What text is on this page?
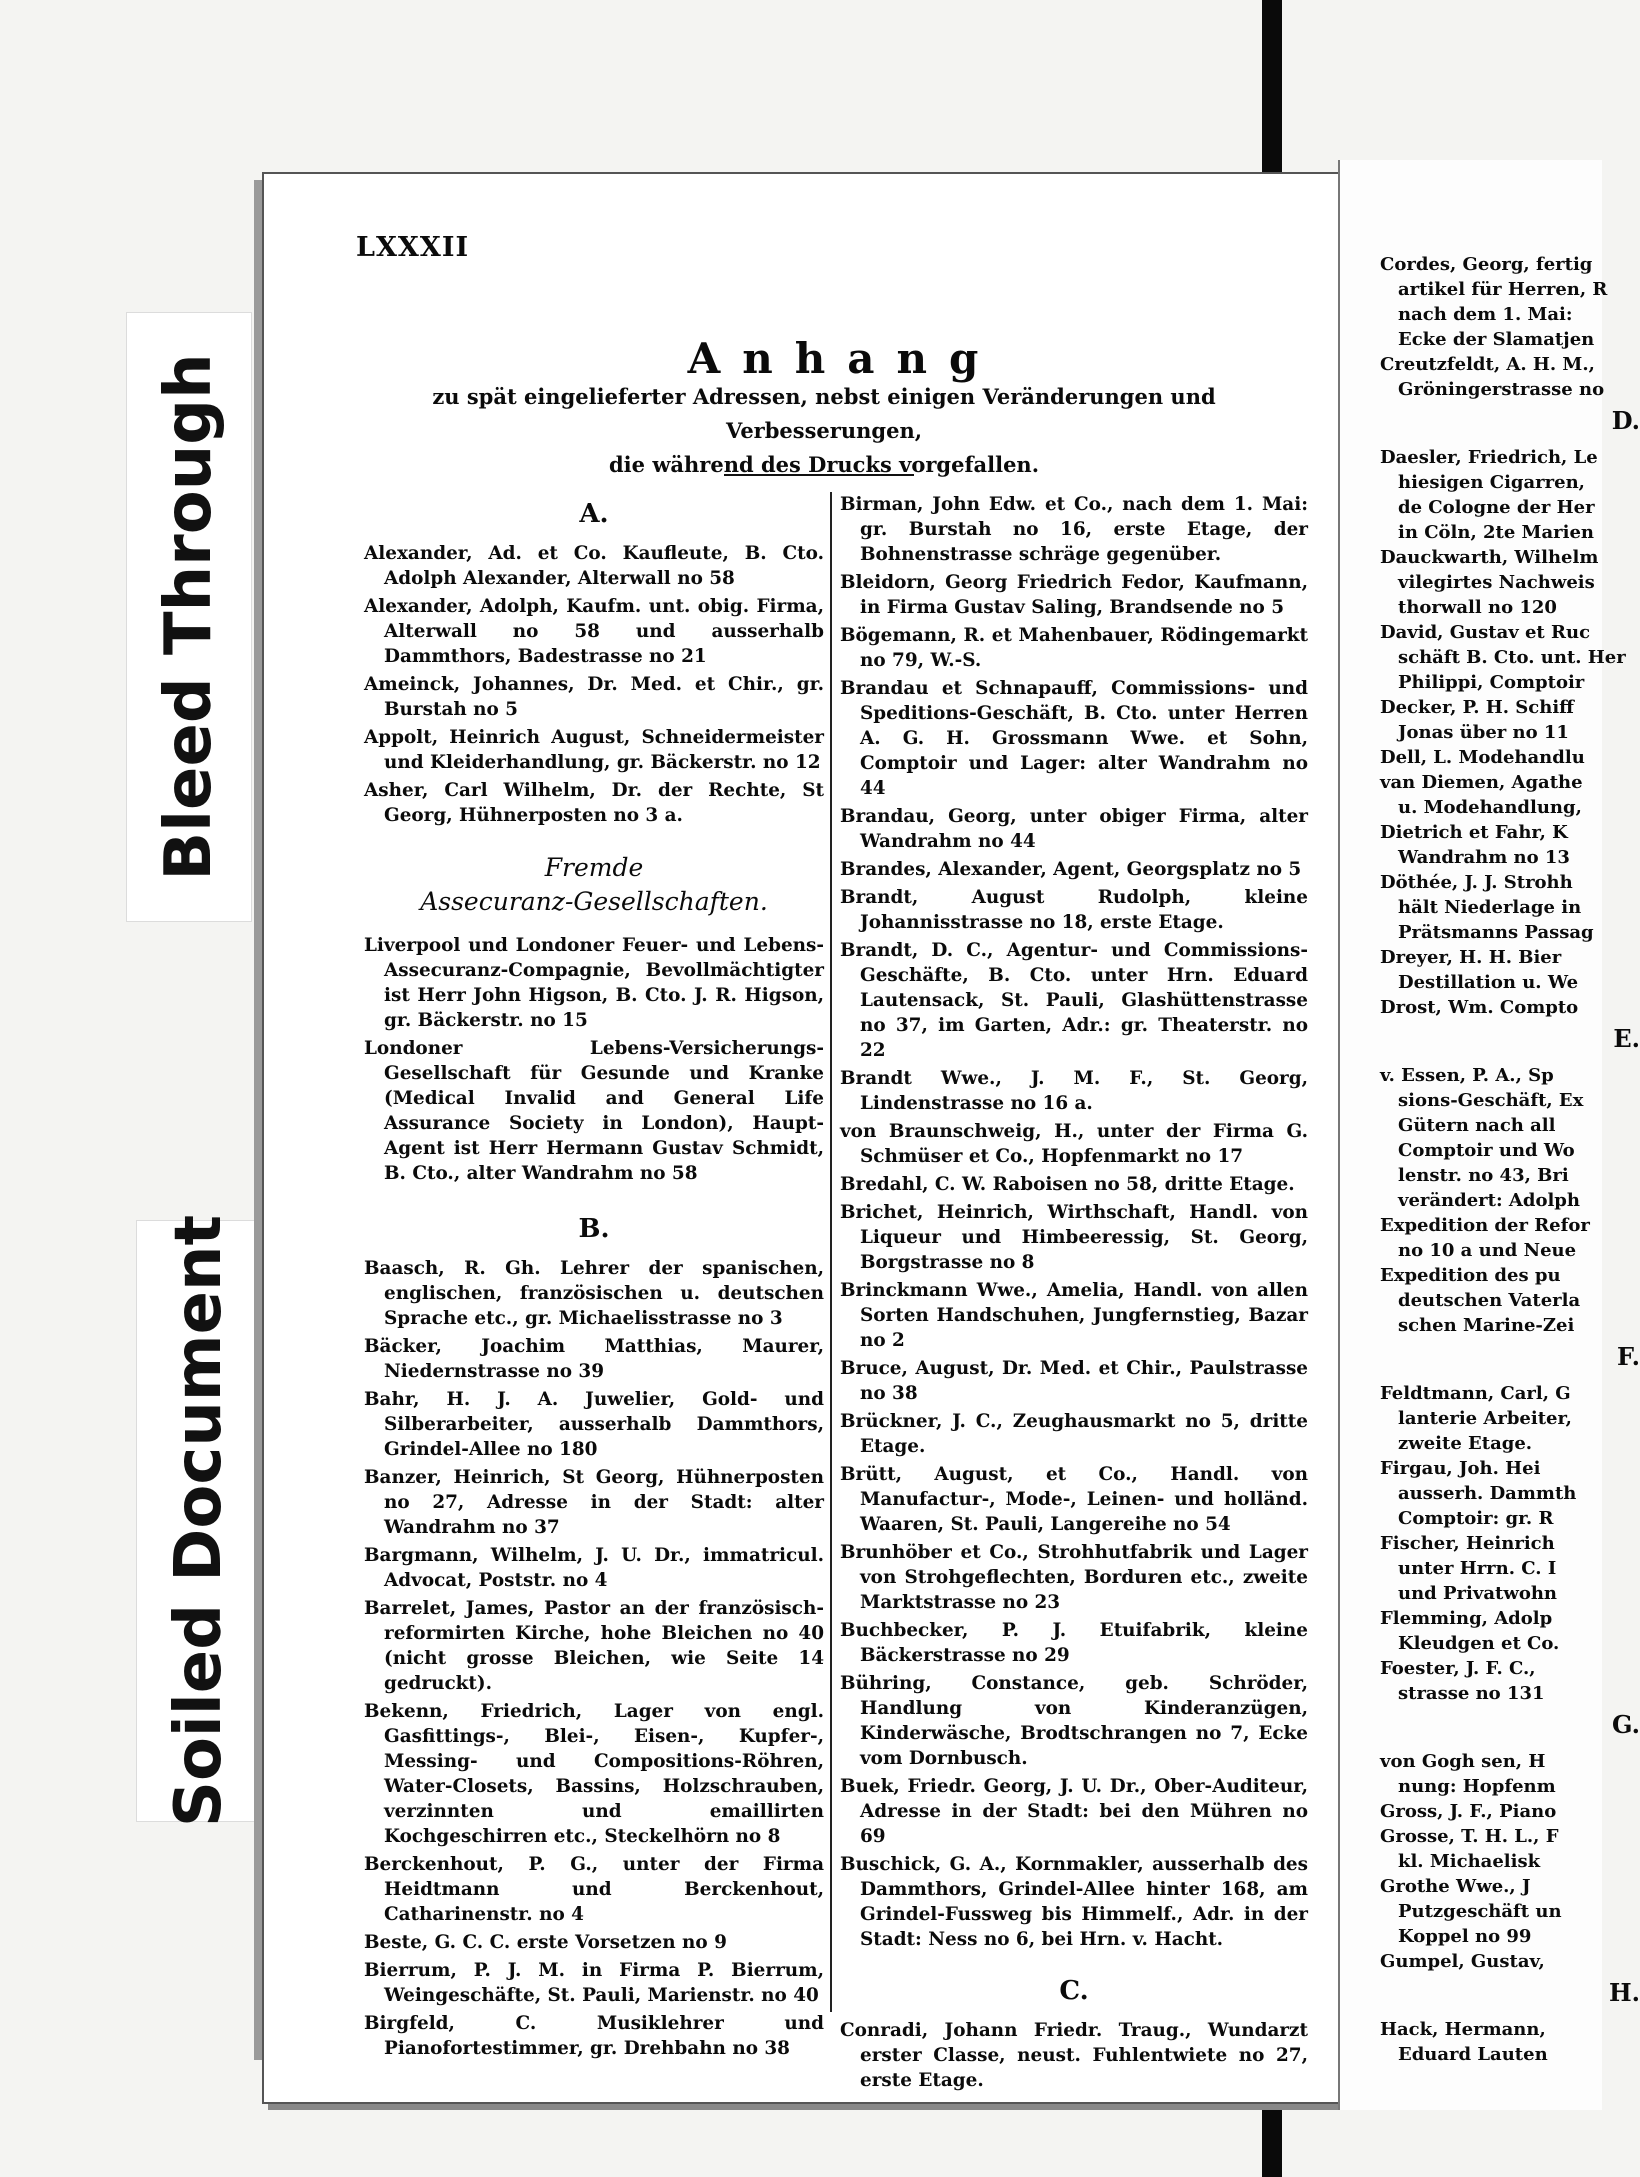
Bleed Through
Soiled Document
LXXXII
Anhang
zu spät eingelieferter Adressen, nebst einigen Veränderungen und Verbesserungen,
die während des Drucks vorgefallen.
A.
Alexander, Ad. et Co. Kaufleute, B. Cto. Adolph Alexander, Alterwall no 58
Alexander, Adolph, Kaufm. unt. obig. Firma, Alterwall no 58 und ausserhalb Dammthors, Badestrasse no 21
Ameinck, Johannes, Dr. Med. et Chir., gr. Burstah no 5
Appolt, Heinrich August, Schneidermeister und Kleiderhandlung, gr. Bäckerstr. no 12
Asher, Carl Wilhelm, Dr. der Rechte, St Georg, Hühnerposten no 3 a.
Fremde
Assecuranz-Gesellschaften.
Liverpool und Londoner Feuer- und Lebens-Assecuranz-Compagnie, Bevollmächtigter ist Herr John Higson, B. Cto. J. R. Higson, gr. Bäckerstr. no 15
Londoner Lebens-Versicherungs-Gesellschaft für Gesunde und Kranke (Medical Invalid and General Life Assurance Society in London), Haupt-Agent ist Herr Hermann Gustav Schmidt, B. Cto., alter Wandrahm no 58
B.
Baasch, R. Gh. Lehrer der spanischen, englischen, französischen u. deutschen Sprache etc., gr. Michaelisstrasse no 3
Bäcker, Joachim Matthias, Maurer, Niedernstrasse no 39
Bahr, H. J. A. Juwelier, Gold- und Silberarbeiter, ausserhalb Dammthors, Grindel-Allee no 180
Banzer, Heinrich, St Georg, Hühnerposten no 27, Adresse in der Stadt: alter Wandrahm no 37
Bargmann, Wilhelm, J. U. Dr., immatricul. Advocat, Poststr. no 4
Barrelet, James, Pastor an der französisch-reformirten Kirche, hohe Bleichen no 40 (nicht grosse Bleichen, wie Seite 14 gedruckt).
Bekenn, Friedrich, Lager von engl. Gasfittings-, Blei-, Eisen-, Kupfer-, Messing- und Compositions-Röhren, Water-Closets, Bassins, Holzschrauben, verzinnten und emaillirten Kochgeschirren etc., Steckelhörn no 8
Berckenhout, P. G., unter der Firma Heidtmann und Berckenhout, Catharinenstr. no 4
Beste, G. C. C. erste Vorsetzen no 9
Bierrum, P. J. M. in Firma P. Bierrum, Weingeschäfte, St. Pauli, Marienstr. no 40
Birgfeld, C. Musiklehrer und Pianofortestimmer, gr. Drehbahn no 38
Birman, John Edw. et Co., nach dem 1. Mai: gr. Burstah no 16, erste Etage, der Bohnenstrasse schräge gegenüber.
Bleidorn, Georg Friedrich Fedor, Kaufmann, in Firma Gustav Saling, Brandsende no 5
Bögemann, R. et Mahenbauer, Rödingemarkt no 79, W.-S.
Brandau et Schnapauff, Commissions- und Speditions-Geschäft, B. Cto. unter Herren A. G. H. Grossmann Wwe. et Sohn, Comptoir und Lager: alter Wandrahm no 44
Brandau, Georg, unter obiger Firma, alter Wandrahm no 44
Brandes, Alexander, Agent, Georgsplatz no 5
Brandt, August Rudolph, kleine Johannisstrasse no 18, erste Etage.
Brandt, D. C., Agentur- und Commissions-Geschäfte, B. Cto. unter Hrn. Eduard Lautensack, St. Pauli, Glashüttenstrasse no 37, im Garten, Adr.: gr. Theaterstr. no 22
Brandt Wwe., J. M. F., St. Georg, Lindenstrasse no 16 a.
von Braunschweig, H., unter der Firma G. Schmüser et Co., Hopfenmarkt no 17
Bredahl, C. W. Raboisen no 58, dritte Etage.
Brichet, Heinrich, Wirthschaft, Handl. von Liqueur und Himbeeressig, St. Georg, Borgstrasse no 8
Brinckmann Wwe., Amelia, Handl. von allen Sorten Handschuhen, Jungfernstieg, Bazar no 2
Bruce, August, Dr. Med. et Chir., Paulstrasse no 38
Brückner, J. C., Zeughausmarkt no 5, dritte Etage.
Brütt, August, et Co., Handl. von Manufactur-, Mode-, Leinen- und holländ. Waaren, St. Pauli, Langereihe no 54
Brunhöber et Co., Strohhutfabrik und Lager von Strohgeflechten, Borduren etc., zweite Marktstrasse no 23
Buchbecker, P. J. Etuifabrik, kleine Bäckerstrasse no 29
Bühring, Constance, geb. Schröder, Handlung von Kinderanzügen, Kinderwäsche, Brodtschrangen no 7, Ecke vom Dornbusch.
Buek, Friedr. Georg, J. U. Dr., Ober-Auditeur, Adresse in der Stadt: bei den Mühren no 69
Buschick, G. A., Kornmakler, ausserhalb des Dammthors, Grindel-Allee hinter 168, am Grindel-Fussweg bis Himmelf., Adr. in der Stadt: Ness no 6, bei Hrn. v. Hacht.
C.
Conradi, Johann Friedr. Traug., Wundarzt erster Classe, neust. Fuhlentwiete no 27, erste Etage.
Cordes, Georg, fertig
artikel für Herren, R
nach dem 1. Mai:
Ecke der Slamatjen
Creutzfeldt, A. H. M.,
Gröningerstrasse no
D.
Daesler, Friedrich, Le
hiesigen Cigarren,
de Cologne der Her
in Cöln, 2te Marien
Dauckwarth, Wilhelm
vilegirtes Nachweis
thorwall no 120
David, Gustav et Ruc
schäft B. Cto. unt. Her
Philippi, Comptoir
Decker, P. H. Schiff
Jonas über no 11
Dell, L. Modehandlu
van Diemen, Agathe
u. Modehandlung,
Dietrich et Fahr, K
Wandrahm no 13
Döthée, J. J. Strohh
hält Niederlage in
Prätsmanns Passag
Dreyer, H. H. Bier
Destillation u. We
Drost, Wm. Compto
E.
v. Essen, P. A., Sp
sions-Geschäft, Ex
Gütern nach all
Comptoir und Wo
lenstr. no 43, Bri
verändert: Adolph
Expedition der Refor
no 10 a und Neue
Expedition des pu
deutschen Vaterla
schen Marine-Zei
F.
Feldtmann, Carl, G
lanterie Arbeiter,
zweite Etage.
Firgau, Joh. Hei
ausserh. Dammth
Comptoir: gr. R
Fischer, Heinrich
unter Hrrn. C. I
und Privatwohn
Flemming, Adolp
Kleudgen et Co.
Foester, J. F. C.,
strasse no 131
G.
von Gogh sen, H
nung: Hopfenm
Gross, J. F., Piano
Grosse, T. H. L., F
kl. Michaelisk
Grothe Wwe., J
Putzgeschäft un
Koppel no 99
Gumpel, Gustav,
H.
Hack, Hermann,
Eduard Lauten
